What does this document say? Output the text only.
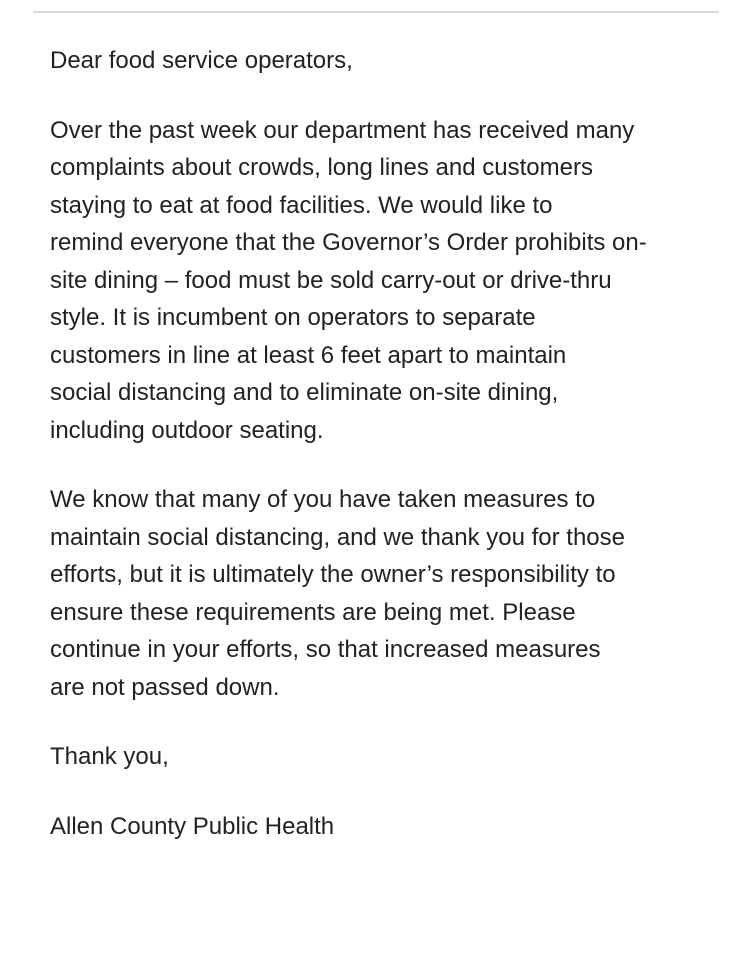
Dear food service operators,

Over the past week our department has received many
complaints about crowds, long lines and customers
staying to eat at food facilities. We would like to
remind everyone that the Governor’s Order prohibits on-
site dining – food must be sold carry-out or drive-thru
style. It is incumbent on operators to separate
customers in line at least 6 feet apart to maintain
social distancing and to eliminate on-site dining,
including outdoor seating.

We know that many of you have taken measures to
maintain social distancing, and we thank you for those
efforts, but it is ultimately the owner’s responsibility to
ensure these requirements are being met. Please
continue in your efforts, so that increased measures
are not passed down.

Thank you,

Allen County Public Health
